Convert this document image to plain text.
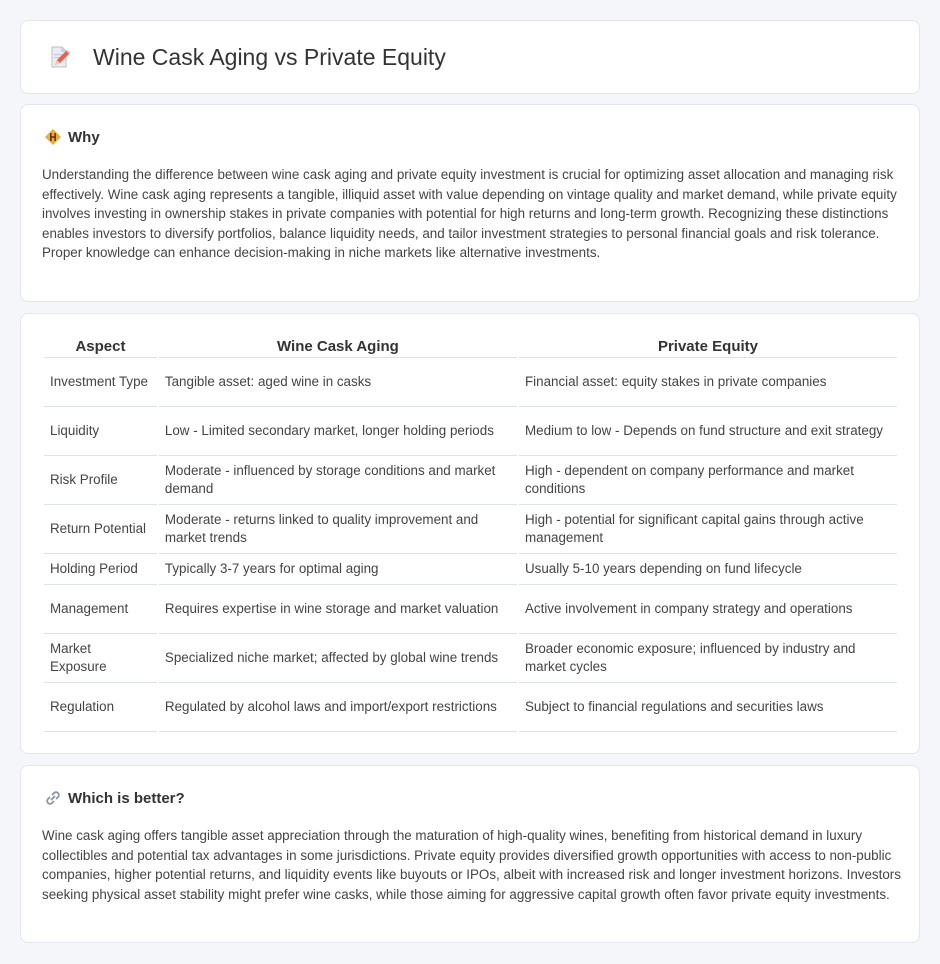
Wine Cask Aging vs Private Equity
Why

Understanding the difference between wine cask aging and private equity investment is crucial for optimizing asset allocation and managing risk effectively. Wine cask aging represents a tangible, illiquid asset with value depending on vintage quality and market demand, while private equity involves investing in ownership stakes in private companies with potential for high returns and long-term growth. Recognizing these distinctions enables investors to diversify portfolios, balance liquidity needs, and tailor investment strategies to personal financial goals and risk tolerance. Proper knowledge can enhance decision-making in niche markets like alternative investments.

Aspect	Wine Cask Aging	Private Equity
Investment Type	Tangible asset: aged wine in casks	Financial asset: equity stakes in private companies
Liquidity	Low - Limited secondary market, longer holding periods	Medium to low - Depends on fund structure and exit strategy
Risk Profile	Moderate - influenced by storage conditions and market demand	High - dependent on company performance and market conditions
Return Potential	Moderate - returns linked to quality improvement and market trends	High - potential for significant capital gains through active management
Holding Period	Typically 3-7 years for optimal aging	Usually 5-10 years depending on fund lifecycle
Management	Requires expertise in wine storage and market valuation	Active involvement in company strategy and operations
Market Exposure	Specialized niche market; affected by global wine trends	Broader economic exposure; influenced by industry and market cycles
Regulation	Regulated by alcohol laws and import/export restrictions	Subject to financial regulations and securities laws
Which is better?

Wine cask aging offers tangible asset appreciation through the maturation of high-quality wines, benefiting from historical demand in luxury collectibles and potential tax advantages in some jurisdictions. Private equity provides diversified growth opportunities with access to non-public companies, higher potential returns, and liquidity events like buyouts or IPOs, albeit with increased risk and longer investment horizons. Investors seeking physical asset stability might prefer wine casks, while those aiming for aggressive capital growth often favor private equity investments.
